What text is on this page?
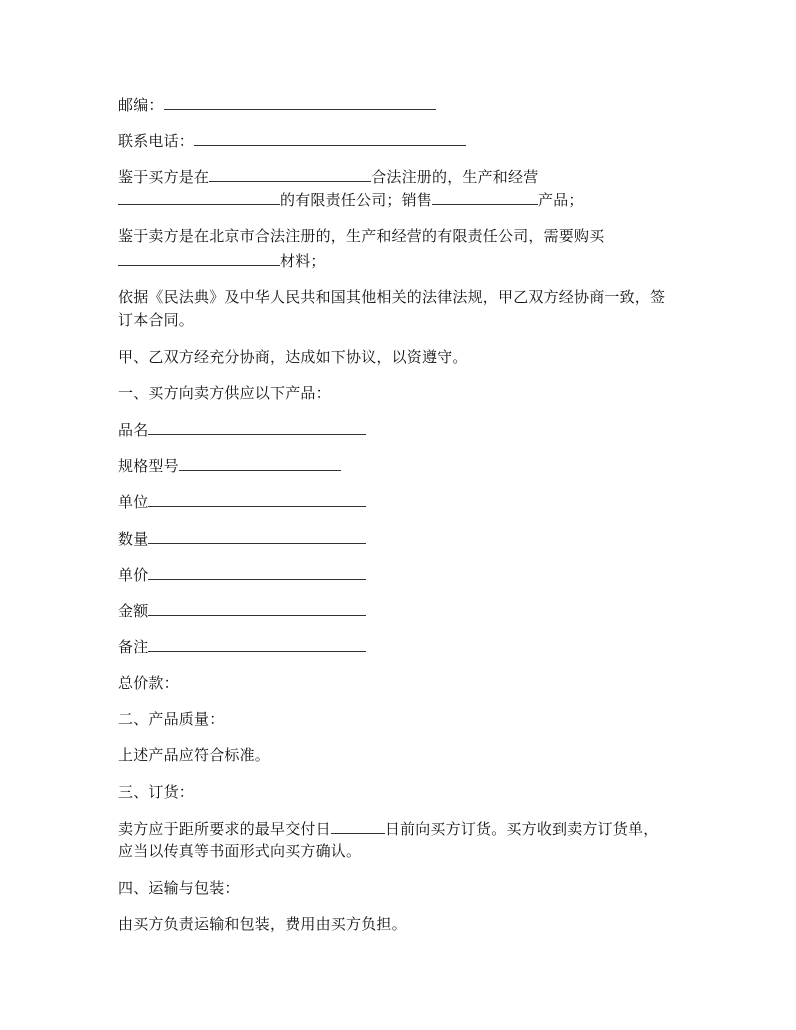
邮编：
联系电话：
鉴于买方是在	合法注册的，生产和经营
的有限责任公司；销售	产品；
鉴于卖方是在北京市合法注册的，生产和经营的有限责任公司，需要购买
材料；
依据《民法典》及中华人民共和国其他相关的法律法规，甲乙双方经协商一致，签
订本合同。
甲、乙双方经充分协商，达成如下协议，以资遵守。
一、买方向卖方供应以下产品：
品名
规格型号
单位
数量
单价
金额
备注
总价款：
二、产品质量：
上述产品应符合标准。
三、订货：
卖方应于距所要求的最早交付日	日前向买方订货。买方收到卖方订货单，
应当以传真等书面形式向买方确认。
四、运输与包装：
由买方负责运输和包装，费用由买方负担。
